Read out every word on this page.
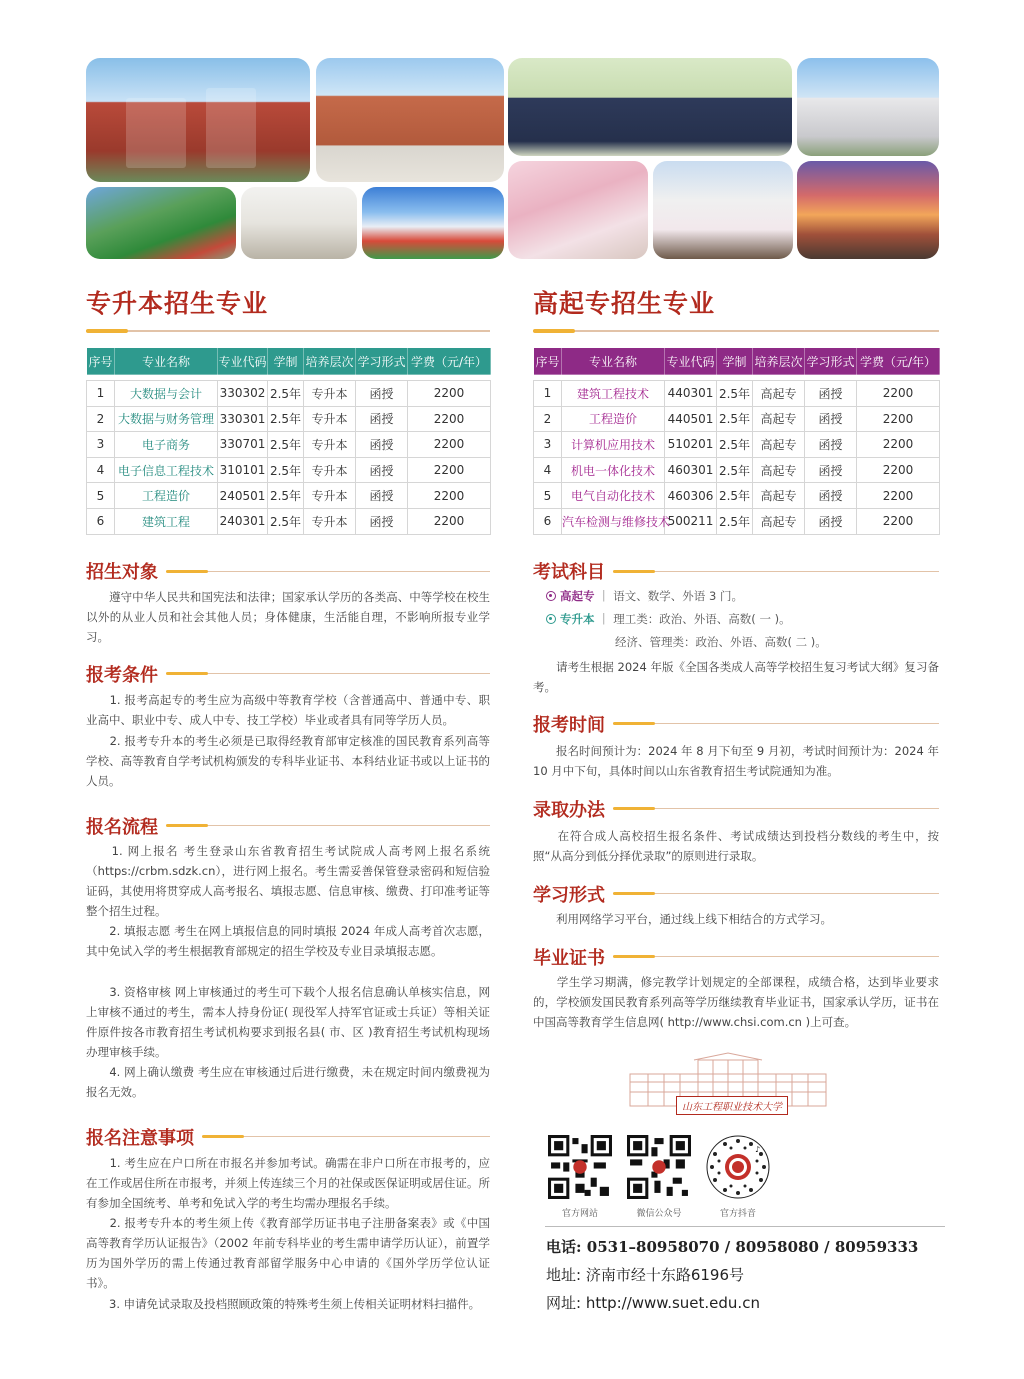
专升本招生专业
序号	专业名称	专业代码	学制	培养层次	学习形式	学费（元/年）

1	大数据与会计	330302	2.5年	专升本	函授	2200
2	大数据与财务管理	330301	2.5年	专升本	函授	2200
3	电子商务	330701	2.5年	专升本	函授	2200
4	电子信息工程技术	310101	2.5年	专升本	函授	2200
5	工程造价	240501	2.5年	专升本	函授	2200
6	建筑工程	240301	2.5年	专升本	函授	2200
招生对象
　　遵守中华人民共和国宪法和法律；国家承认学历的各类高、中等学校在校生以外的从业人员和社会其他人员；身体健康，生活能自理，不影响所报专业学习。
报考条件
　　1. 报考高起专的考生应为高级中等教育学校（含普通高中、普通中专、职业高中、职业中专、成人中专、技工学校）毕业或者具有同等学历人员。
　　2. 报考专升本的考生必须是已取得经教育部审定核准的国民教育系列高等学校、高等教育自学考试机构颁发的专科毕业证书、本科结业证书或以上证书的人员。
报名流程
　　1. 网上报名 考生登录山东省教育招生考试院成人高考网上报名系统（https://crbm.sdzk.cn），进行网上报名。考生需妥善保管登录密码和短信验证码，其使用将贯穿成人高考报名、填报志愿、信息审核、缴费、打印准考证等整个招生过程。
　　2. 填报志愿 考生在网上填报信息的同时填报 2024 年成人高考首次志愿，其中免试入学的考生根据教育部规定的招生学校及专业目录填报志愿。
　　3. 资格审核 网上审核通过的考生可下载个人报名信息确认单核实信息，网上审核不通过的考生，需本人持身份证( 现役军人持军官证或士兵证）等相关证件原件按各市教育招生考试机构要求到报名县( 市、区 )教育招生考试机构现场办理审核手续。
　　4. 网上确认缴费 考生应在审核通过后进行缴费，未在规定时间内缴费视为报名无效。
报名注意事项
　　1. 考生应在户口所在市报名并参加考试。确需在非户口所在市报考的，应在工作或居住所在市报考，并须上传连续三个月的社保或医保证明或居住证。所有参加全国统考、单考和免试入学的考生均需办理报名手续。
　　2. 报考专升本的考生须上传《教育部学历证书电子注册备案表》或《中国高等教育学历认证报告》（2002 年前专科毕业的考生需申请学历认证），前置学历为国外学历的需上传通过教育部留学服务中心申请的《国外学历学位认证书》。
　　3. 申请免试录取及投档照顾政策的特殊考生须上传相关证明材料扫描件。
高起专招生专业
序号	专业名称	专业代码	学制	培养层次	学习形式	学费（元/年）

1	建筑工程技术	440301	2.5年	高起专	函授	2200
2	工程造价	440501	2.5年	高起专	函授	2200
3	计算机应用技术	510201	2.5年	高起专	函授	2200
4	机电一体化技术	460301	2.5年	高起专	函授	2200
5	电气自动化技术	460306	2.5年	高起专	函授	2200
6	汽车检测与维修技术	500211	2.5年	高起专	函授	2200
考试科目
高起专 ｜ 语文、数学、外语 3 门。
专升本 ｜ 理工类：政治、外语、高数( 一 )。
经济、管理类：政治、外语、高数( 二 )。
　　请考生根据 2024 年版《全国各类成人高等学校招生复习考试大纲》复习备考。
报考时间
　　报名时间预计为：2024 年 8 月下旬至 9 月初，考试时间预计为：2024 年 10 月中下旬，具体时间以山东省教育招生考试院通知为准。
录取办法
　　在符合成人高校招生报名条件、考试成绩达到投档分数线的考生中，按照“从高分到低分择优录取”的原则进行录取。
学习形式
　　利用网络学习平台，通过线上线下相结合的方式学习。
毕业证书
　　学生学习期满，修完教学计划规定的全部课程，成绩合格，达到毕业要求的，学校颁发国民教育系列高等学历继续教育毕业证书，国家承认学历，证书在中国高等教育学生信息网( http://www.chsi.com.cn )上可查。
山东工程职业技术大学
官方网站	微信公众号
♪
官方抖音
电话: 0531–80958070 / 80958080 / 80959333
地址: 济南市经十东路6196号
网址: http://www.suet.edu.cn
